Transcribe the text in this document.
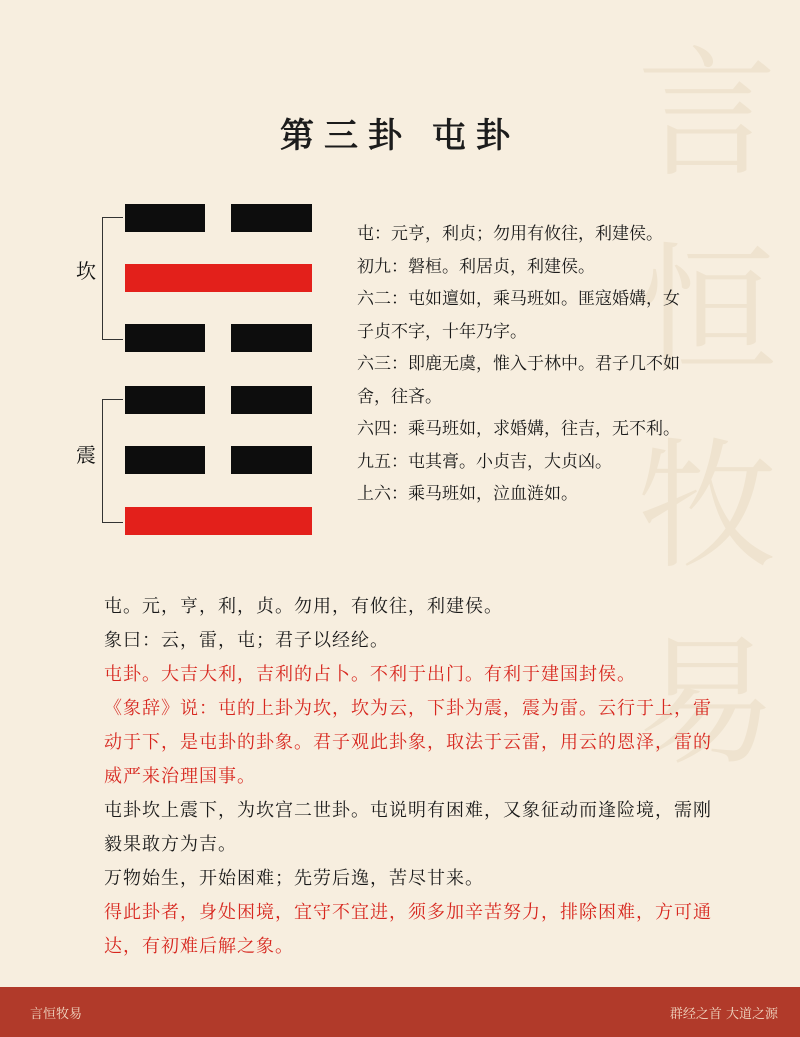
言
恒
牧
易
第三卦 屯卦
坎
震
屯：元亨，利贞；勿用有攸往，利建侯。
初九：磐桓。利居贞，利建侯。
六二：屯如邅如，乘马班如。匪寇婚媾，女
子贞不字，十年乃字。
六三：即鹿无虞，惟入于林中。君子几不如
舍，往吝。
六四：乘马班如，求婚媾，往吉，无不利。
九五：屯其膏。小贞吉，大贞凶。
上六：乘马班如，泣血涟如。
屯。元，亨，利，贞。勿用，有攸往，利建侯。
象曰：云，雷，屯；君子以经纶。
屯卦。大吉大利，吉利的占卜。不利于出门。有利于建国封侯。
《象辞》说：屯的上卦为坎，坎为云，下卦为震，震为雷。云行于上，雷动于下，是屯卦的卦象。君子观此卦象，取法于云雷，用云的恩泽，雷的威严来治理国事。
屯卦坎上震下，为坎宫二世卦。屯说明有困难，又象征动而逢险境，需刚毅果敢方为吉。
万物始生，开始困难；先劳后逸，苦尽甘来。
得此卦者，身处困境，宜守不宜进，须多加辛苦努力，排除困难，方可通达，有初难后解之象。
言恒牧易	群经之首 大道之源
